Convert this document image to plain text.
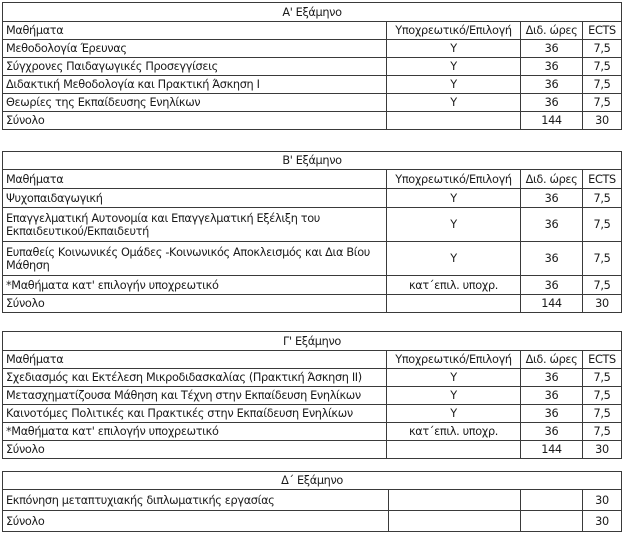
Α' Εξάμηνο			
Μαθήματα	Υποχρεωτικό/Επιλογή	Διδ. ώρες	ECTS
Μεθοδολογία Έρευνας	Υ	36	7,5
Σύγχρονες Παιδαγωγικές Προσεγγίσεις	Υ	36	7,5
Διδακτική Μεθοδολογία και Πρακτική Άσκηση Ι	Υ	36	7,5
Θεωρίες της Εκπαίδευσης Ενηλίκων	Υ	36	7,5
Σύνολο		144	30
Β' Εξάμηνο			
Μαθήματα	Υποχρεωτικό/Επιλογή	Διδ. ώρες	ECTS
Ψυχοπαιδαγωγική	Υ	36	7,5
Επαγγελματική Αυτονομία και Επαγγελματική Εξέλιξη του Εκπαιδευτικού/Εκπαιδευτή	Υ	36	7,5
Ευπαθείς Κοινωνικές Ομάδες -Κοινωνικός Αποκλεισμός και Δια Βίου Μάθηση	Υ	36	7,5
*Μαθήματα κατ' επιλογήν υποχρεωτικό	κατ΄επιλ. υποχρ.	36	7,5
Σύνολο		144	30
Γ' Εξάμηνο			
Μαθήματα	Υποχρεωτικό/Επιλογή	Διδ. ώρες	ECTS
Σχεδιασμός και Εκτέλεση Μικροδιδασκαλίας (Πρακτική Άσκηση ΙΙ)	Υ	36	7,5
Μετασχηματίζουσα Μάθηση και Τέχνη στην Εκπαίδευση Ενηλίκων	Υ	36	7,5
Καινοτόμες Πολιτικές και Πρακτικές στην Εκπαίδευση Ενηλίκων	Υ	36	7,5
*Μαθήματα κατ' επιλογήν υποχρεωτικό	κατ΄επιλ. υποχρ.	36	7,5
Σύνολο		144	30
Δ΄ Εξάμηνο			
Εκπόνηση μεταπτυχιακής διπλωματικής εργασίας			30
Σύνολο			30
